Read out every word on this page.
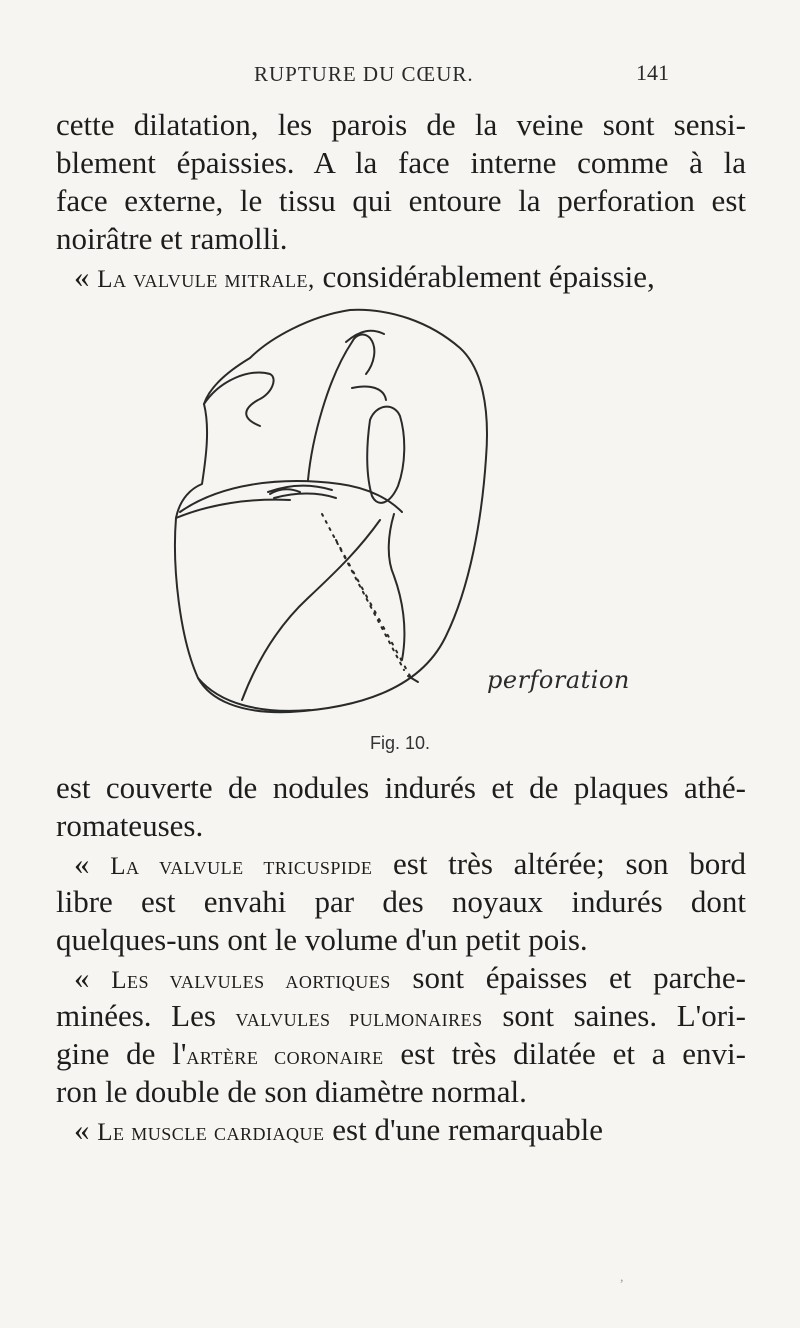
RUPTURE DU CŒUR.	141
cette dilatation, les parois de la veine sont sensi-
blement épaissies. A la face interne comme à la
face externe, le tissu qui entoure la perforation est
noirâtre et ramolli.
« La valvule mitrale, considérablement épaissie,
perforation
Fig. 10.
est couverte de nodules indurés et de plaques athé-
romateuses.
« La valvule tricuspide est très altérée; son bord
libre est envahi par des noyaux indurés dont
quelques-uns ont le volume d'un petit pois.
« Les valvules aortiques sont épaisses et parche-
minées. Les valvules pulmonaires sont saines. L'ori-
gine de l'artère coronaire est très dilatée et a envi-
ron le double de son diamètre normal.
« Le muscle cardiaque est d'une remarquable
,
